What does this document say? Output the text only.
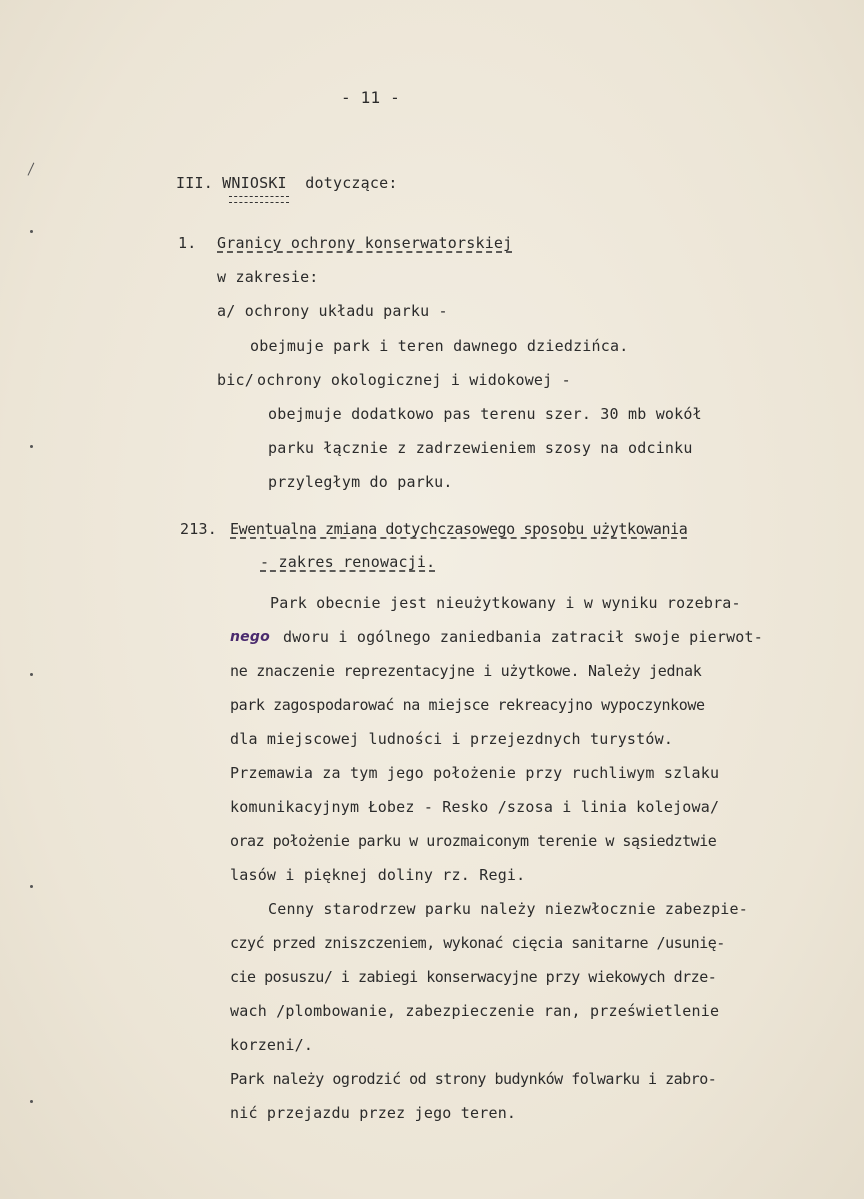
- 11 -
III. WNIOSKI dotyczące:
1. Granicy ochrony konserwatorskiej
w zakresie:
a/ ochrony układu parku -
obejmuje park i teren dawnego dziedzińca.
bic/ ochrony okologicznej i widokowej -
obejmuje dodatkowo pas terenu szer. 30 mb wokół
parku łącznie z zadrzewieniem szosy na odcinku
przyległym do parku.
213. Ewentualna zmiana dotychczasowego sposobu użytkowania
- zakres renowacji.
Park obecnie jest nieużytkowany i w wyniku rozebra-
nego dworu i ogólnego zaniedbania zatracił swoje pierwot-
ne znaczenie reprezentacyjne i użytkowe. Należy jednak
park zagospodarować na miejsce rekreacyjno wypoczynkowe
dla miejscowej ludności i przejezdnych turystów.
Przemawia za tym jego położenie przy ruchliwym szlaku
komunikacyjnym Łobez - Resko /szosa i linia kolejowa/
oraz położenie parku w urozmaiconym terenie w sąsiedztwie
lasów i pięknej doliny rz. Regi.
Cenny starodrzew parku należy niezwłocznie zabezpie-
czyć przed zniszczeniem, wykonać cięcia sanitarne /usunię-
cie posuszu/ i zabiegi konserwacyjne przy wiekowych drze-
wach /plombowanie, zabezpieczenie ran, prześwietlenie
korzeni/.
Park należy ogrodzić od strony budynków folwarku i zabro-
nić przejazdu przez jego teren.
